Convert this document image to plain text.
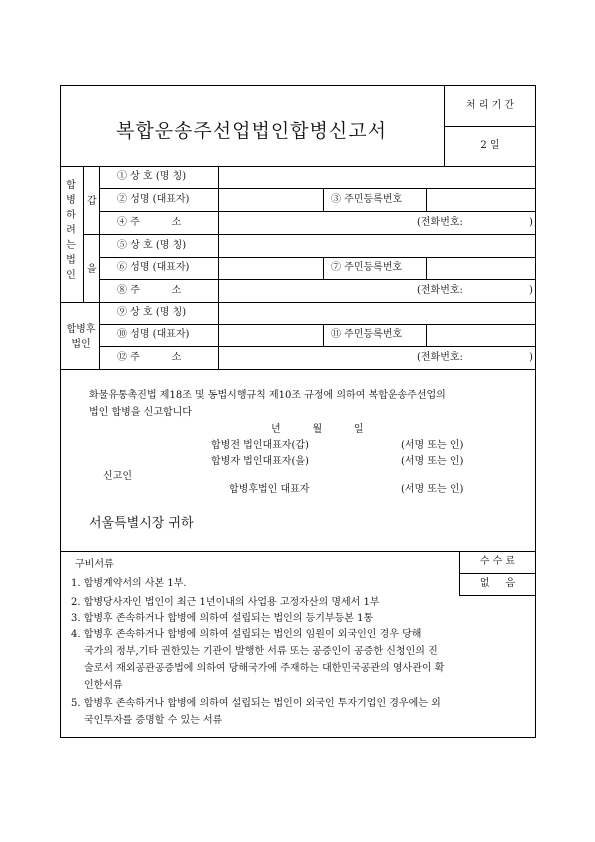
복합운송주선업법인합병신고서
처 리 기 간
2 일
합병하려는법인
갑
을
합병후
법인
① 상 호 (명 칭)
② 성명 (대표자)	③ 주민등록번호
④ 주          소	(전화번호:	)
⑤ 상 호 (명 칭)
⑥ 성명 (대표자)	⑦ 주민등록번호
⑧ 주          소	(전화번호:	)
⑨ 상 호 (명 칭)
⑩ 성명 (대표자)	⑪ 주민등록번호
⑫ 주          소	(전화번호:	)
화물유통촉진법 제18조 및 동법시행규칙 제10조 규정에 의하여 복합운송주선업의
법인 합병을 신고합니다
년          월          일
합병전 법인대표자(갑)	(서명 또는 인)
합병자 법인대표자(을)	(서명 또는 인)
신고인
합병후법인 대표자	(서명 또는 인)
서울특별시장 귀하
수 수 료
없     음
구비서류
1. 합병계약서의 사본 1부.
2. 합병당사자인 법인이 최근 1년이내의 사업용 고정자산의 명세서 1부
3. 합병후 존속하거나 합병에 의하여 설립되는 법인의 등기부등본 1통
4. 합병후 존속하거나 합병에 의하여 설립되는 법인의 임원이 외국인인 경우 당해
국가의 정부,기타 권한있는 기관이 발행한 서류 또는 공증인이 공증한 신청인의 진
술로서 재외공관공증법에 의하여 당해국가에 주재하는 대한민국공관의 영사관이 확
인한서류
5. 합병후 존속하거나 합병에 의하여 설립되는 법인이 외국인 투자기업인 경우에는 외
국인투자를 증명할 수 있는 서류
